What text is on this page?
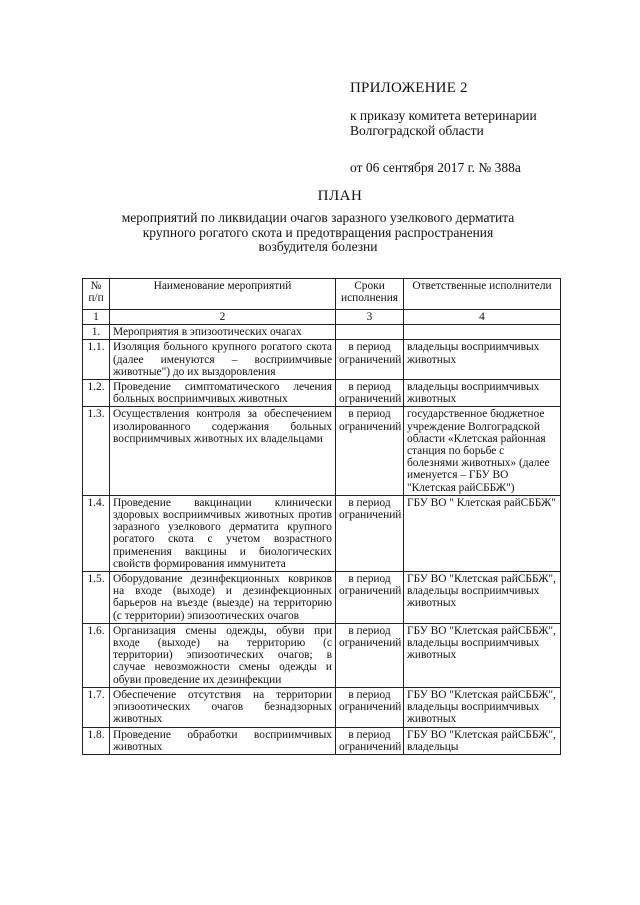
ПРИЛОЖЕНИЕ 2
к приказу комитета ветеринарии
Волгоградской области
от 06 сентября 2017 г. № 388а
ПЛАН
мероприятий по ликвидации очагов заразного узелкового дерматита
крупного рогатого скота и предотвращения распространения
возбудителя болезни
№ п/п	Наименование мероприятий	Сроки исполнения	Ответственные исполнители
1	2	3	4
1.	Мероприятия в эпизоотических очагах		
1.1.	Изоляция больного крупного рогатого скота (далее именуются – восприимчивые животные") до их выздоровления	в период ограничений	владельцы восприимчивых животных
1.2.	Проведение симптоматического лечения больных восприимчивых животных	в период ограничений	владельцы восприимчивых животных
1.3.	Осуществления контроля за обеспечением изолированного содержания больных восприимчивых животных их владельцами	в период ограничений	государственное бюджетное учреждение Волгоградской области «Клетская районная станция по борьбе с болезнями животных» (далее именуется – ГБУ ВО "Клетская райСББЖ")
1.4.	Проведение вакцинации клинически здоровых восприимчивых животных против заразного узелкового дерматита крупного рогатого скота с учетом возрастного применения вакцины и биологических свойств формирования иммунитета	в период ограничений	ГБУ ВО " Клетская райСББЖ"
1.5.	Оборудование дезинфекционных ковриков на входе (выходе) и дезинфекционных барьеров на въезде (выезде) на территорию (с территории) эпизоотических очагов	в период ограничений	ГБУ ВО "Клетская райСББЖ", владельцы восприимчивых животных
1.6.	Организация смены одежды, обуви при входе (выходе) на территорию (с территории) эпизоотических очагов; в случае невозможности смены одежды и обуви проведение их дезинфекции	в период ограничений	ГБУ ВО "Клетская райСББЖ", владельцы восприимчивых животных
1.7.	Обеспечение отсутствия на территории эпизоотических очагов безнадзорных животных	в период ограничений	ГБУ ВО "Клетская райСББЖ", владельцы восприимчивых животных
1.8.	Проведение обработки восприимчивых животных	в период ограничений	ГБУ ВО "Клетская райСББЖ", владельцы
